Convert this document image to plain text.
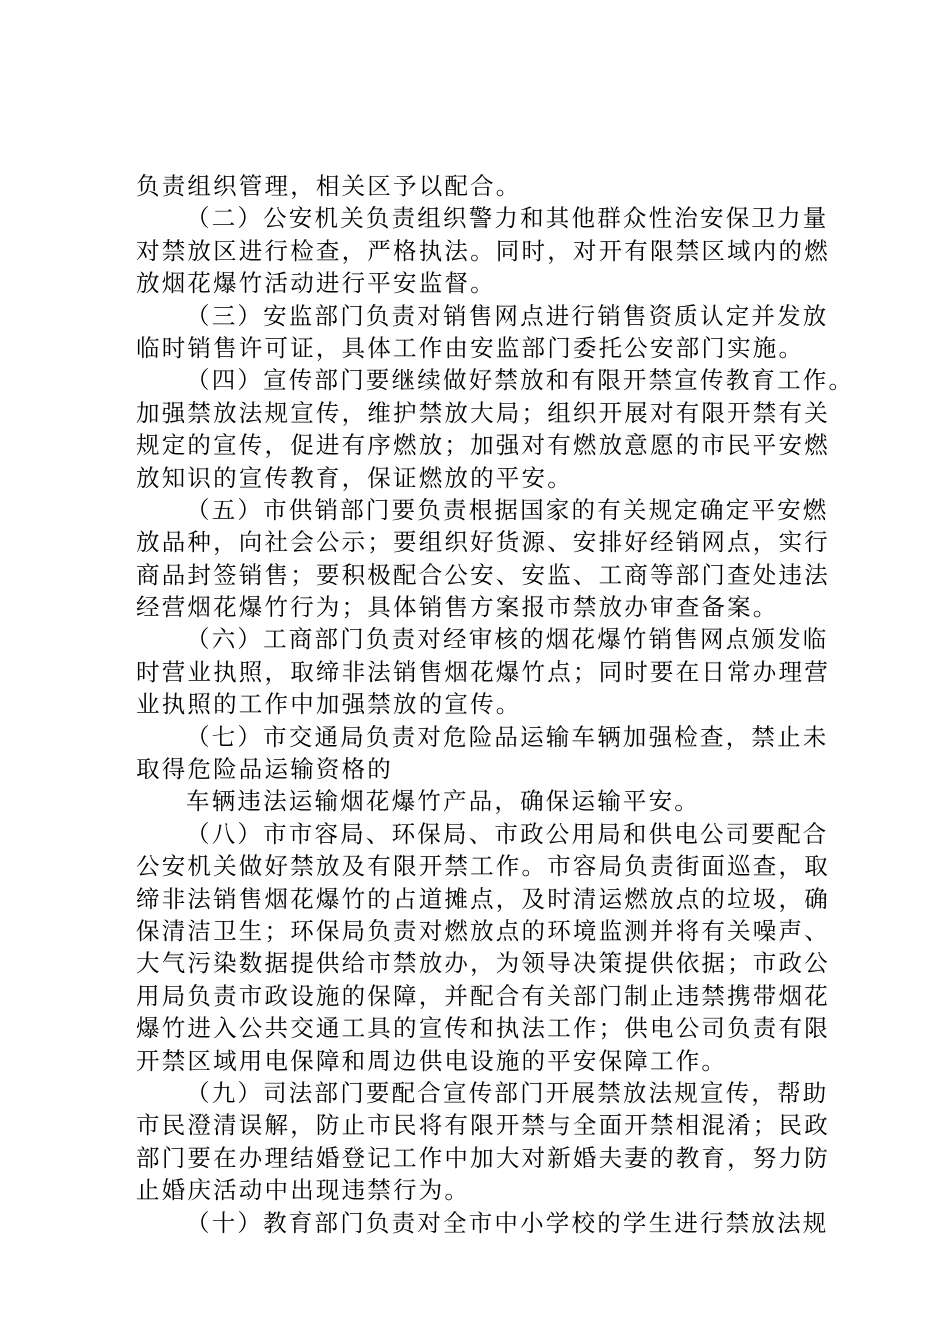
负责组织管理，相关区予以配合。
（二）公安机关负责组织警力和其他群众性治安保卫力量
对禁放区进行检查，严格执法。同时，对开有限禁区域内的燃
放烟花爆竹活动进行平安监督。
（三）安监部门负责对销售网点进行销售资质认定并发放
临时销售许可证，具体工作由安监部门委托公安部门实施。
（四）宣传部门要继续做好禁放和有限开禁宣传教育工作。
加强禁放法规宣传，维护禁放大局；组织开展对有限开禁有关
规定的宣传，促进有序燃放；加强对有燃放意愿的市民平安燃
放知识的宣传教育，保证燃放的平安。
（五）市供销部门要负责根据国家的有关规定确定平安燃
放品种，向社会公示；要组织好货源、安排好经销网点，实行
商品封签销售；要积极配合公安、安监、工商等部门查处违法
经营烟花爆竹行为；具体销售方案报市禁放办审查备案。
（六）工商部门负责对经审核的烟花爆竹销售网点颁发临
时营业执照，取缔非法销售烟花爆竹点；同时要在日常办理营
业执照的工作中加强禁放的宣传。
（七）市交通局负责对危险品运输车辆加强检查，禁止未
取得危险品运输资格的
车辆违法运输烟花爆竹产品，确保运输平安。
（八）市市容局、环保局、市政公用局和供电公司要配合
公安机关做好禁放及有限开禁工作。市容局负责街面巡查，取
缔非法销售烟花爆竹的占道摊点，及时清运燃放点的垃圾，确
保清洁卫生；环保局负责对燃放点的环境监测并将有关噪声、
大气污染数据提供给市禁放办，为领导决策提供依据；市政公
用局负责市政设施的保障，并配合有关部门制止违禁携带烟花
爆竹进入公共交通工具的宣传和执法工作；供电公司负责有限
开禁区域用电保障和周边供电设施的平安保障工作。
（九）司法部门要配合宣传部门开展禁放法规宣传，帮助
市民澄清误解，防止市民将有限开禁与全面开禁相混淆；民政
部门要在办理结婚登记工作中加大对新婚夫妻的教育，努力防
止婚庆活动中出现违禁行为。
（十）教育部门负责对全市中小学校的学生进行禁放法规
